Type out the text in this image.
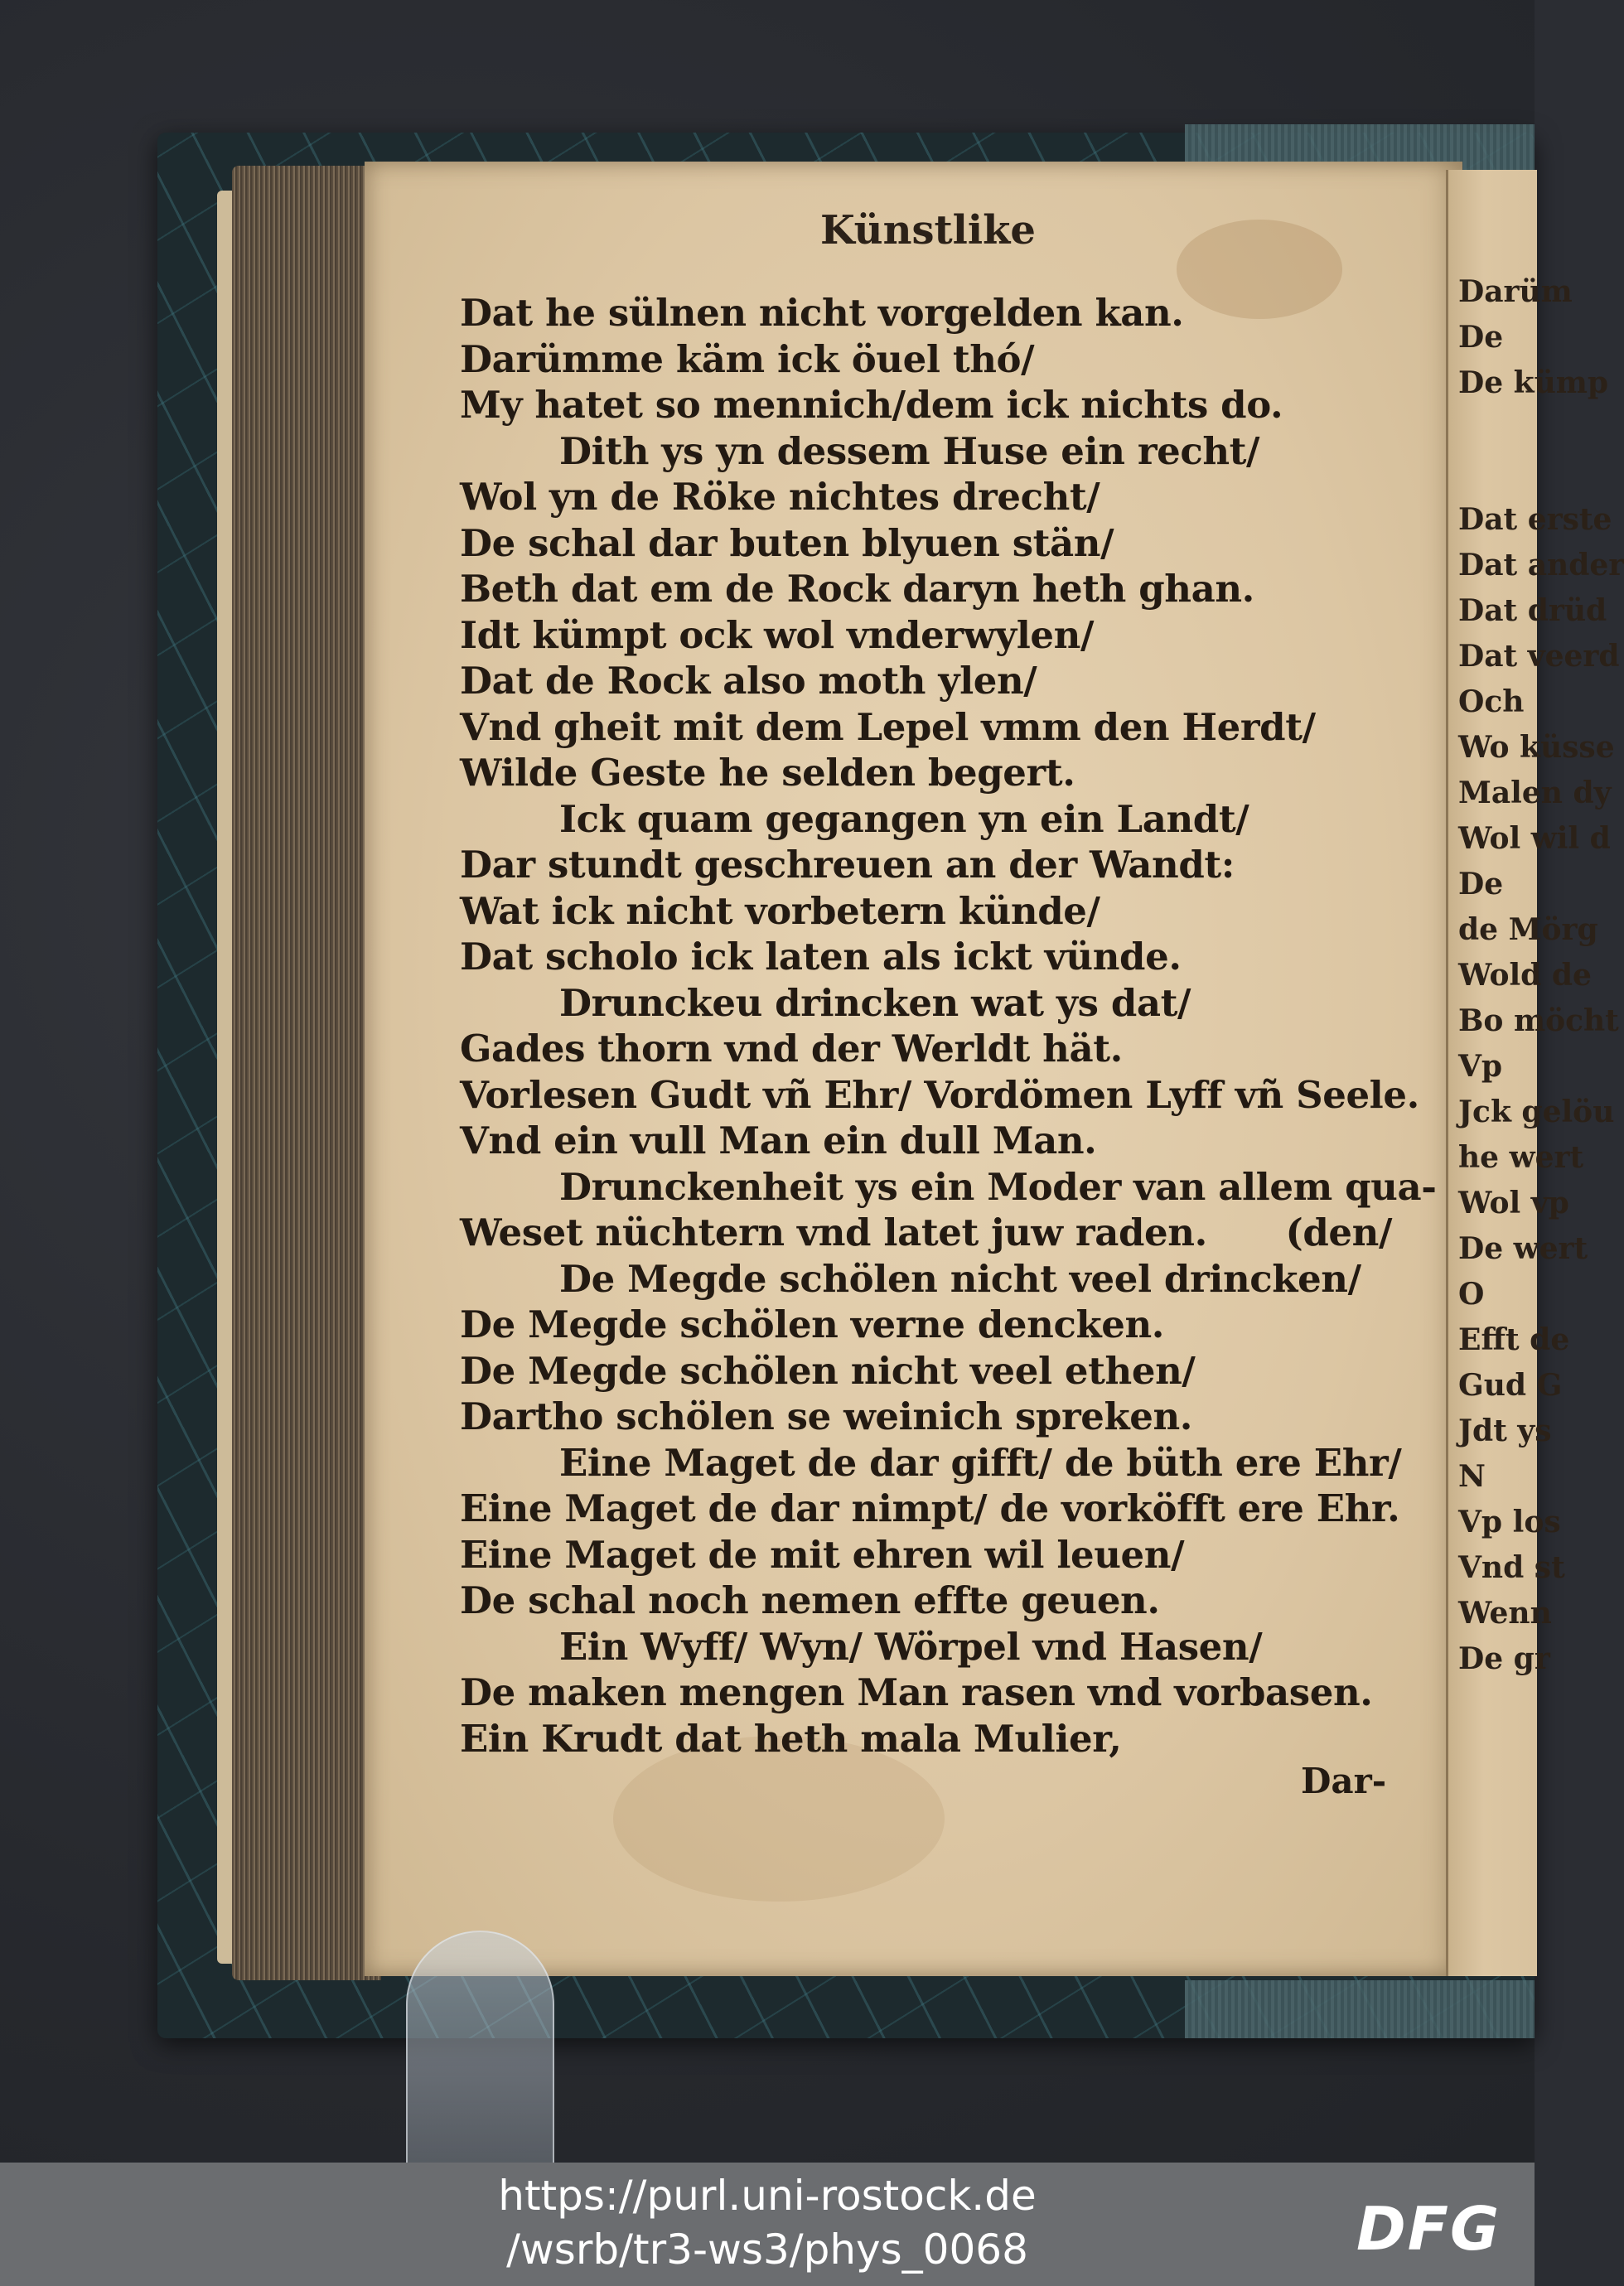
Darüm
De
De kümp
Dat erste
Dat ander
Dat drüd
Dat veerd
Och
Wo küsse
Malen dy
Wol wil d
De
de Mörg
Wold de
Bo möcht
Vp
Jck gelöu
he wert
Wol vp
De wert
O
Efft de
Gud G
Jdt ys
N
Vp los
Vnd st
Wenn
De gr
Künstlike
Dat he sülnen nicht vorgelden kan.
Darümme käm ick öuel thó/
My hatet so mennich/dem ick nichts do.
Dith ys yn dessem Huse ein recht/
Wol yn de Röke nichtes drecht/
De schal dar buten blyuen stän/
Beth dat em de Rock daryn heth ghan.
Idt kümpt ock wol vnderwylen/
Dat de Rock also moth ylen/
Vnd gheit mit dem Lepel vmm den Herdt/
Wilde Geste he selden begert.
Ick quam gegangen yn ein Landt/
Dar stundt geschreuen an der Wandt:
Wat ick nicht vorbetern künde/
Dat scholo ick laten als ickt vünde.
Drunckeu drincken wat ys dat/
Gades thorn vnd der Werldt hät.
Vorlesen Gudt vñ Ehr/ Vordömen Lyff vñ Seele.
Vnd ein vull Man ein dull Man.
Drunckenheit ys ein Moder van allem qua-
Weset nüchtern vnd latet juw raden. (den/
De Megde schölen nicht veel drincken/
De Megde schölen verne dencken.
De Megde schölen nicht veel ethen/
Dartho schölen se weinich spreken.
Eine Maget de dar gifft/ de büth ere Ehr/
Eine Maget de dar nimpt/ de vorköfft ere Ehr.
Eine Maget de mit ehren wil leuen/
De schal noch nemen effte geuen.
Ein Wyff/ Wyn/ Wörpel vnd Hasen/
De maken mengen Man rasen vnd vorbasen.
Ein Krudt dat heth mala Mulier,
Dar-
https://purl.uni-rostock.de
/wsrb/tr3-ws3/phys_0068	DFG
